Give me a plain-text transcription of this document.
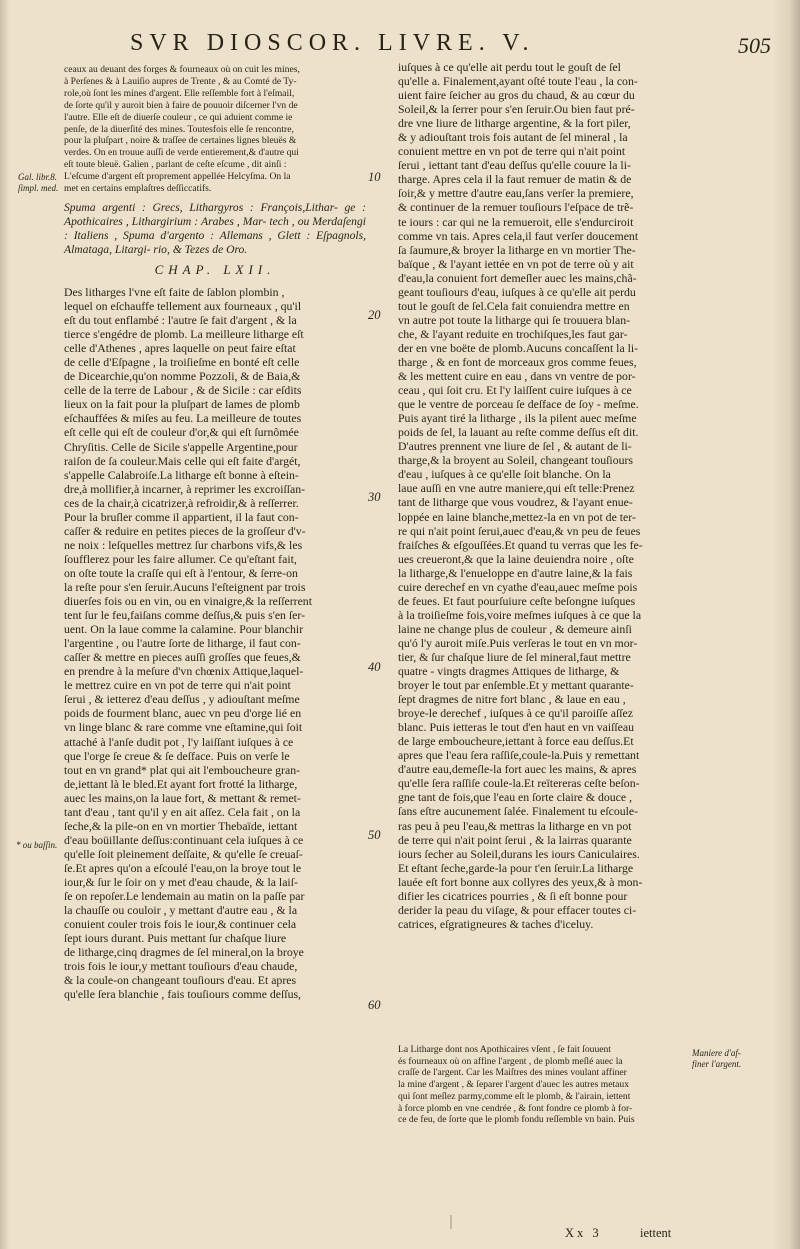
SVR DIOSCOR. LIVRE. V.	505
Gal. libr.8.
ſimpl. med.
* ou baſſin.

ceaux au deuant des forges & fourneaux où on cuit les mines,

à Perſenes & à Lauiſio aupres de Trente , & au Comté de Ty-

role,où ſont les mines d'argent. Elle reſſemble fort à l'eſmail,

de ſorte qu'il y auroit bien à faire de pouuoir diſcerner l'vn de

l'autre. Elle eſt de diuerſe couleur , ce qui aduient comme ie

penſe, de la diuerſité des mines. Toutesfois elle ſe rencontre,

pour la pluſpart , noire & traſſee de certaines lignes bleuës &

verdes. On en trouue auſſi de verde entierement,& d'autre qui

eſt toute bleuë. Galien , parlant de ceſte eſcume , dit ainſi :

L'eſcume d'argent eſt proprement appellée Helcyſma. On la

met en certains emplaſtres deſſiccatifs.

Spuma argenti : Grecs, Lithargyros : François,Lithar- ge : Apothicaires , Lithargirium : Arabes , Mar- tech , ou Merdaſengi : Italiens , Spuma d'argento : Allemans , Glett : Eſpagnols, Almataga, Litargi- rio, & Tezes de Oro.

CHAP. LXII.

Des litharges l'vne eſt faite de ſablon plombin ,

lequel on eſchauffe tellement aux fourneaux , qu'il

eſt du tout enflambé : l'autre ſe fait d'argent , & la

tierce s'engédre de plomb. La meilleure litharge eſt

celle d'Athenes , apres laquelle on peut faire eſtat

de celle d'Eſpagne , la troiſieſme en bonté eſt celle

de Dicearchie,qu'on nomme Pozzoli, & de Baia,&

celle de la terre de Labour , & de Sicile : car eſdits

lieux on la fait pour la pluſpart de lames de plomb

eſchauffées & miſes au feu. La meilleure de toutes

eſt celle qui eſt de couleur d'or,& qui eſt ſurnômée

Chryſitis. Celle de Sicile s'appelle Argentine,pour

raiſon de ſa couleur.Mais celle qui eſt faite d'argét,

s'appelle Calabroiſe.La litharge eſt bonne à eſtein-

dre,à mollifier,à incarner, à reprimer les excroiſſan-

ces de la chair,à cicatrizer,à refroidir,& à reſſerrer.

Pour la bruſler comme il appartient, il la faut con-

caſſer & reduire en petites pieces de la groſſeur d'v-

ne noix : leſquelles mettrez ſur charbons vifs,& les

ſoufflerez pour les faire allumer. Ce qu'eſtant fait,

on oſte toute la craſſe qui eſt à l'entour, & ſerre-on

la reſte pour s'en ſeruir.Aucuns l'eſteignent par trois

diuerſes fois ou en vin, ou en vinaigre,& la reſſerrent

tent ſur le feu,faiſans comme deſſus,& puis s'en ſer-

uent. On la laue comme la calamine. Pour blanchir

l'argentine , ou l'autre ſorte de litharge, il faut con-

caſſer & mettre en pieces auſſi groſſes que feues,&

en prendre à la meſure d'vn chœnix Attique,laquel-

le mettrez cuire en vn pot de terre qui n'ait point

ſerui , & ietterez d'eau deſſus , y adiouſtant meſme

poids de fourment blanc, auec vn peu d'orge lié en

vn linge blanc & rare comme vne eſtamine,qui ſoit

attaché à l'anſe dudit pot , l'y laiſſant iuſques à ce

que l'orge ſe creue & ſe deſface. Puis on verſe le

tout en vn grand* plat qui ait l'emboucheure gran-

de,iettant là le bled.Et ayant fort frotté la litharge,

auec les mains,on la laue fort, & mettant & remet-

tant d'eau , tant qu'il y en ait aſſez. Cela fait , on la

ſeche,& la pile-on en vn mortier Thebaïde, iettant

d'eau boüillante deſſus:continuant cela iuſques à ce

qu'elle ſoit pleinement deſſaite, & qu'elle ſe creuaſ-

ſe.Et apres qu'on a eſcoulé l'eau,on la broye tout le

iour,& ſur le ſoir on y met d'eau chaude, & la laiſ-

ſe on repoſer.Le lendemain au matin on la paſſe par

la chauſſe ou couloir , y mettant d'autre eau , & la

conuient couler trois fois le iour,& continuer cela

ſept iours durant. Puis mettant ſur chaſque liure

de litharge,cinq dragmes de ſel mineral,on la broye

trois fois le iour,y mettant touſiours d'eau chaude,

& la coule-on changeant touſiours d'eau. Et apres

qu'elle ſera blanchie , fais touſiours comme deſſus,

10
20
30
40
50
60

iuſques à ce qu'elle ait perdu tout le gouſt de ſel

qu'elle a. Finalement,ayant oſté toute l'eau , la con-

uient faire ſeicher au gros du chaud, & au cœur du

Soleil,& la ſerrer pour s'en ſeruir.Ou bien faut pré-

dre vne liure de litharge argentine, & la fort piler,

& y adiouſtant trois fois autant de ſel mineral , la

conuient mettre en vn pot de terre qui n'ait point

ſerui , iettant tant d'eau deſſus qu'elle couure la li-

tharge. Apres cela il la faut remuer de matin & de

ſoir,& y mettre d'autre eau,ſans verſer la premiere,

& continuer de la remuer touſiours l'eſpace de trẽ-

te iours : car qui ne la remueroit, elle s'endurciroit

comme vn tais. Apres cela,il faut verſer doucement

ſa ſaumure,& broyer la litharge en vn mortier The-

baïque , & l'ayant iettée en vn pot de terre où y ait

d'eau,la conuient fort demeſler auec les mains,chã-

geant touſiours d'eau, iuſques à ce qu'elle ait perdu

tout le gouſt de ſel.Cela fait conuiendra mettre en

vn autre pot toute la litharge qui ſe trouuera blan-

che, & l'ayant reduite en trochiſques,les faut gar-

der en vne boëte de plomb.Aucuns concaſſent la li-

tharge , & en font de morceaux gros comme feues,

& les mettent cuire en eau , dans vn ventre de por-

ceau , qui ſoit cru. Et l'y laiſſent cuire iuſques à ce

que le ventre de porceau ſe deſface de ſoy - meſme.

Puis ayant tiré la litharge , ils la pilent auec meſme

poids de ſel, la lauant au reſte comme deſſus eſt dit.

D'autres prennent vne liure de ſel , & autant de li-

tharge,& la broyent au Soleil, changeant touſiours

d'eau , iuſques à ce qu'elle ſoit blanche. On la

laue auſſi en vne autre maniere,qui eſt telle:Prenez

tant de litharge que vous voudrez, & l'ayant enue-

loppée en laine blanche,mettez-la en vn pot de ter-

re qui n'ait point ſerui,auec d'eau,& vn peu de feues

fraiſches & eſgouſſées.Et quand tu verras que les fe-

ues creueront,& que la laine deuiendra noire , oſte

la litharge,& l'enueloppe en d'autre laine,& la fais

cuire derechef en vn cyathe d'eau,auec meſme pois

de feues. Et faut pourſuiure ceſte beſongne iuſques

à la troiſieſme fois,voire meſmes iuſques à ce que la

laine ne change plus de couleur , & demeure ainſi

qu'ó l'y auroit miſe.Puis verſeras le tout en vn mor-

tier, & ſur chaſque liure de ſel mineral,faut mettre

quatre - vingts dragmes Attiques de litharge, &

broyer le tout par enſemble.Et y mettant quarante-

ſept dragmes de nitre fort blanc , & laue en eau ,

broye-le derechef , iuſques à ce qu'il paroiſſe aſſez

blanc. Puis ietteras le tout d'en haut en vn vaiſſeau

de large emboucheure,iettant à force eau deſſus.Et

apres que l'eau ſera raſſiſe,coule-la.Puis y remettant

d'autre eau,demeſle-la fort auec les mains, & apres

qu'elle ſera raſſiſe coule-la.Et reïtereras ceſte beſon-

gne tant de fois,que l'eau en ſorte claire & douce ,

ſans eſtre aucunement ſalée. Finalement tu eſcoule-

ras peu à peu l'eau,& mettras la litharge en vn pot

de terre qui n'ait point ſerui , & la lairras quarante

iours ſecher au Soleil,durans les iours Caniculaires.

Et eſtant ſeche,garde-la pour t'en ſeruir.La litharge

lauée eſt fort bonne aux collyres des yeux,& à mon-

difier les cicatrices pourries , & ſi eſt bonne pour

derider la peau du viſage, & pour effacer toutes ci-

catrices, eſgratigneures & taches d'iceluy.

Maniere d'af-
finer l'argent.

La Litharge dont nos Apothicaires vſent , ſe fait ſouuent

és fourneaux où on affine l'argent , de plomb meſlé auec la

craſſe de l'argent. Car les Maiſtres des mines voulant affiner

la mine d'argent , & ſeparer l'argent d'auec les autres metaux

qui ſont meſlez parmy,comme eſt le plomb, & l'airain, iettent

à force plomb en vne cendrée , & font fondre ce plomb à for-

ce de feu, de ſorte que le plomb fondu reſſemble vn bain. Puis

Xx 3	iettent
